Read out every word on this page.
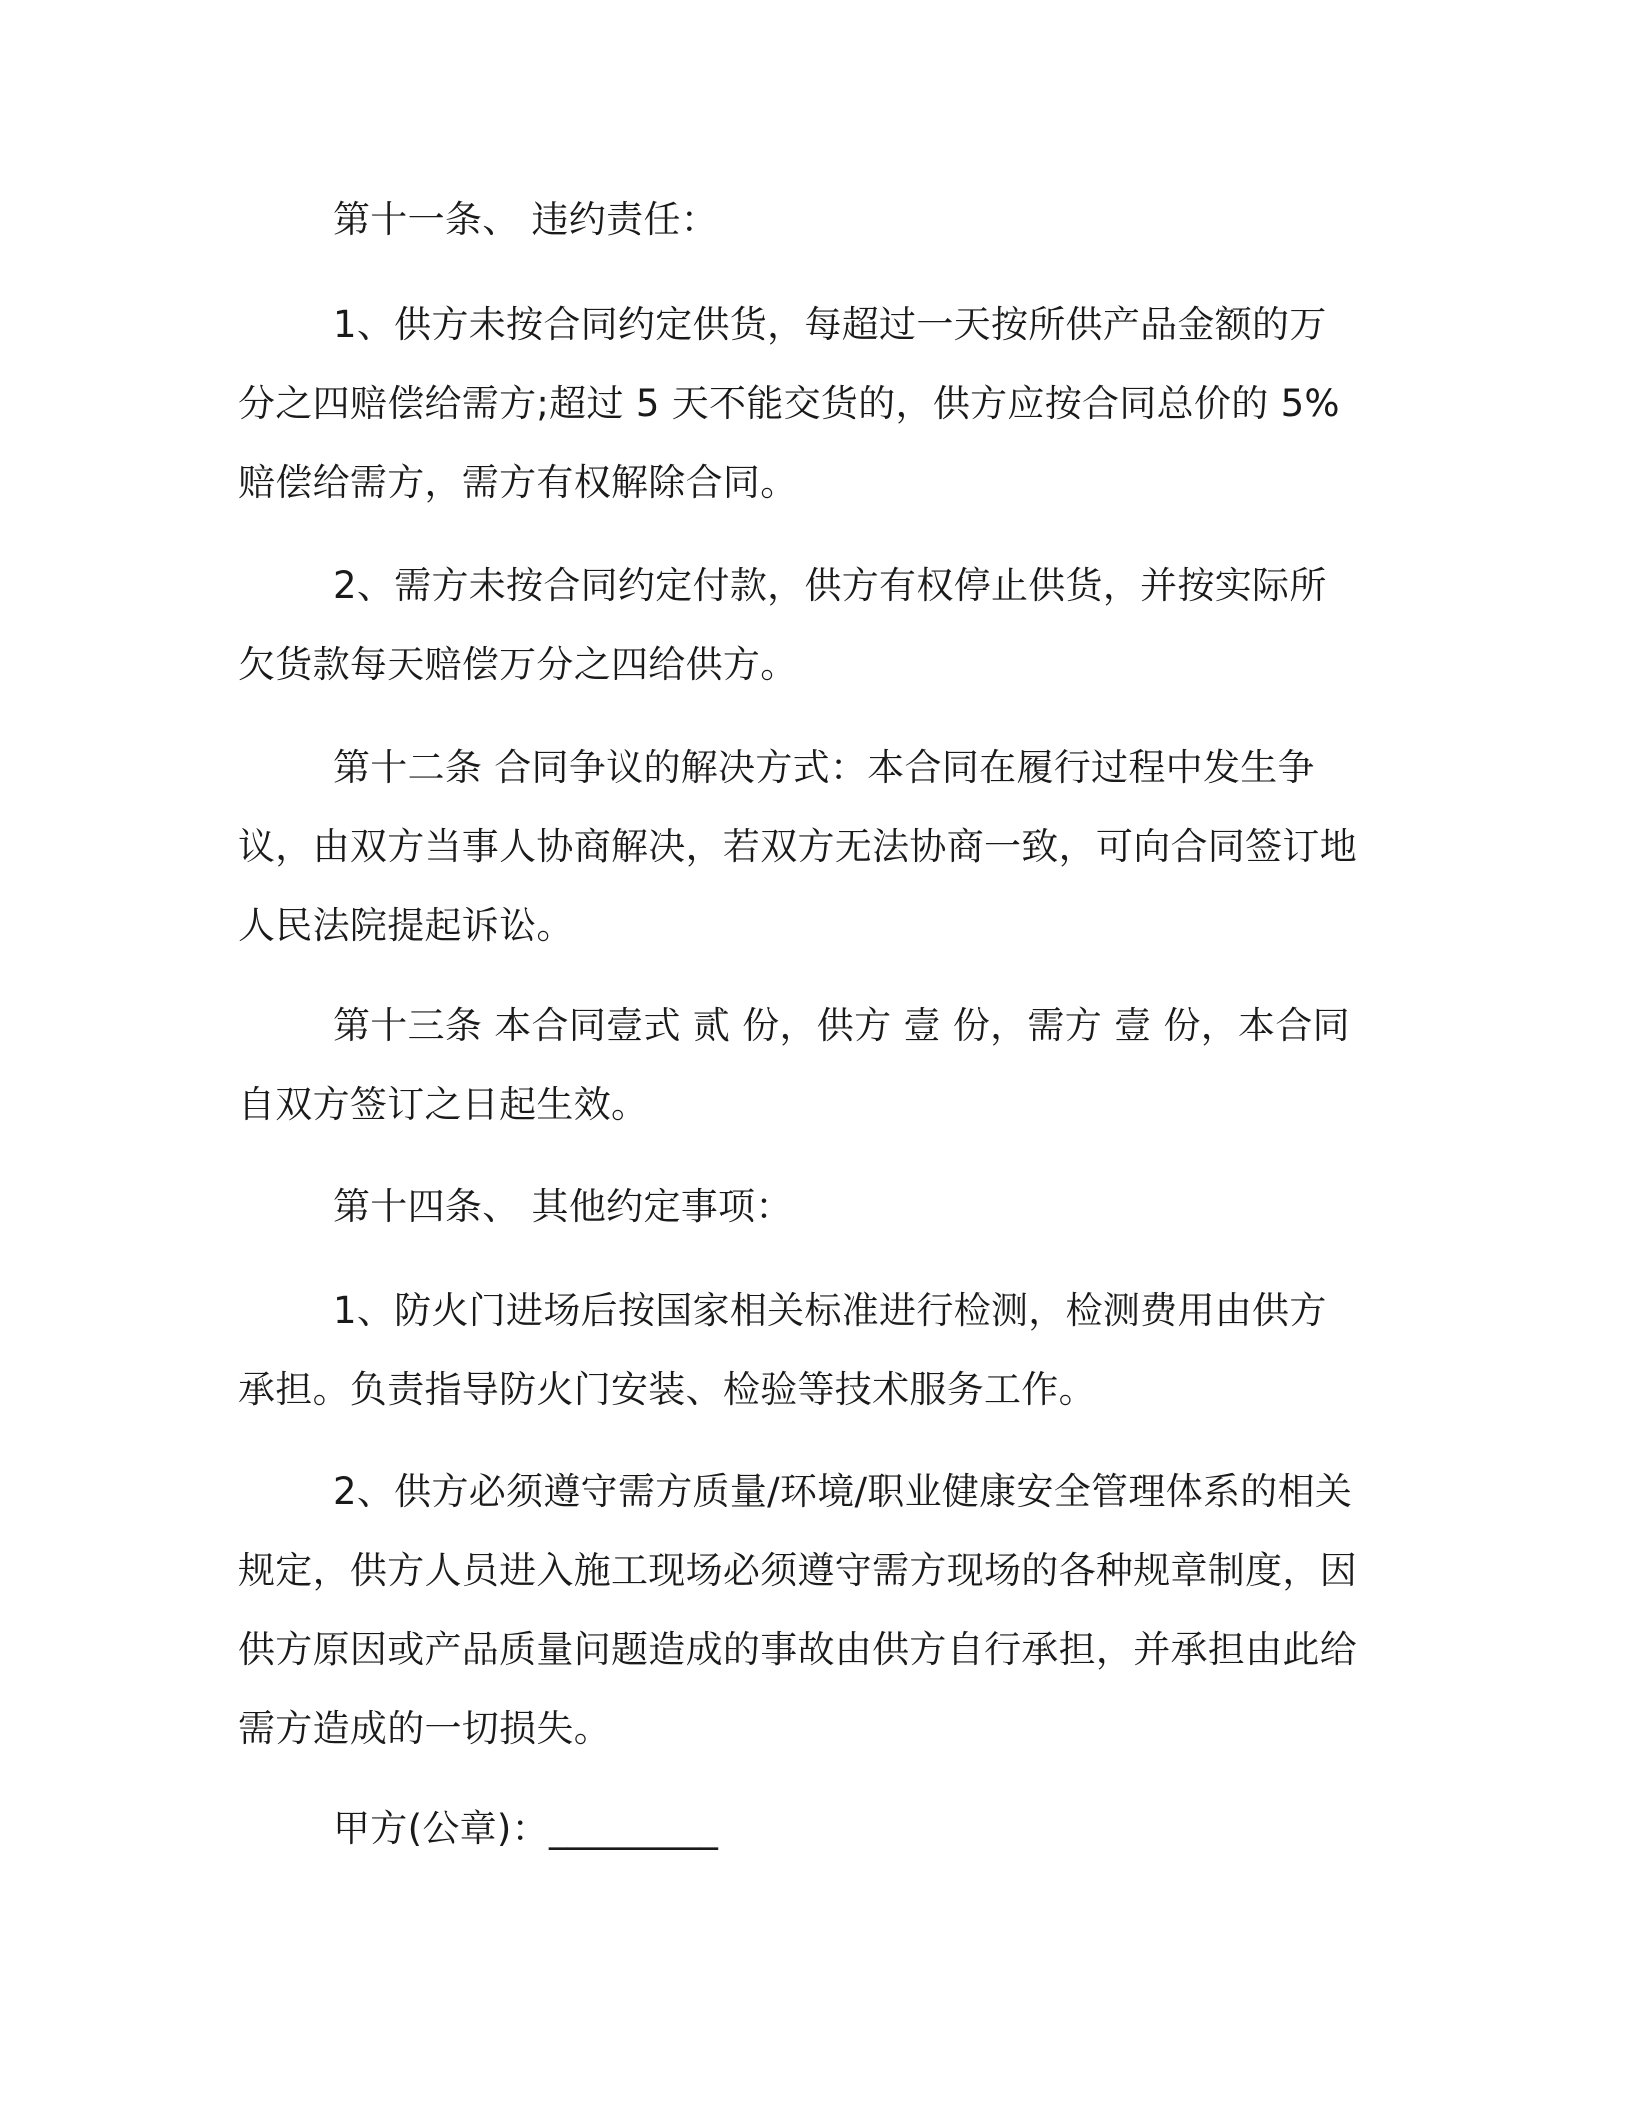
第十一条、 违约责任：

1、供方未按合同约定供货，每超过一天按所供产品金额的万分之四赔偿给需方;超过 5 天不能交货的，供方应按合同总价的 5%赔偿给需方，需方有权解除合同。

2、需方未按合同约定付款，供方有权停止供货，并按实际所欠货款每天赔偿万分之四给供方。

第十二条 合同争议的解决方式：本合同在履行过程中发生争议，由双方当事人协商解决，若双方无法协商一致，可向合同签订地人民法院提起诉讼。

第十三条 本合同壹式 贰 份，供方 壹 份，需方 壹 份，本合同自双方签订之日起生效。

第十四条、 其他约定事项：

1、防火门进场后按国家相关标准进行检测，检测费用由供方承担。负责指导防火门安装、检验等技术服务工作。

2、供方必须遵守需方质量/环境/职业健康安全管理体系的相关规定，供方人员进入施工现场必须遵守需方现场的各种规章制度，因供方原因或产品质量问题造成的事故由供方自行承担，并承担由此给需方造成的一切损失。

甲方(公章)：_________
